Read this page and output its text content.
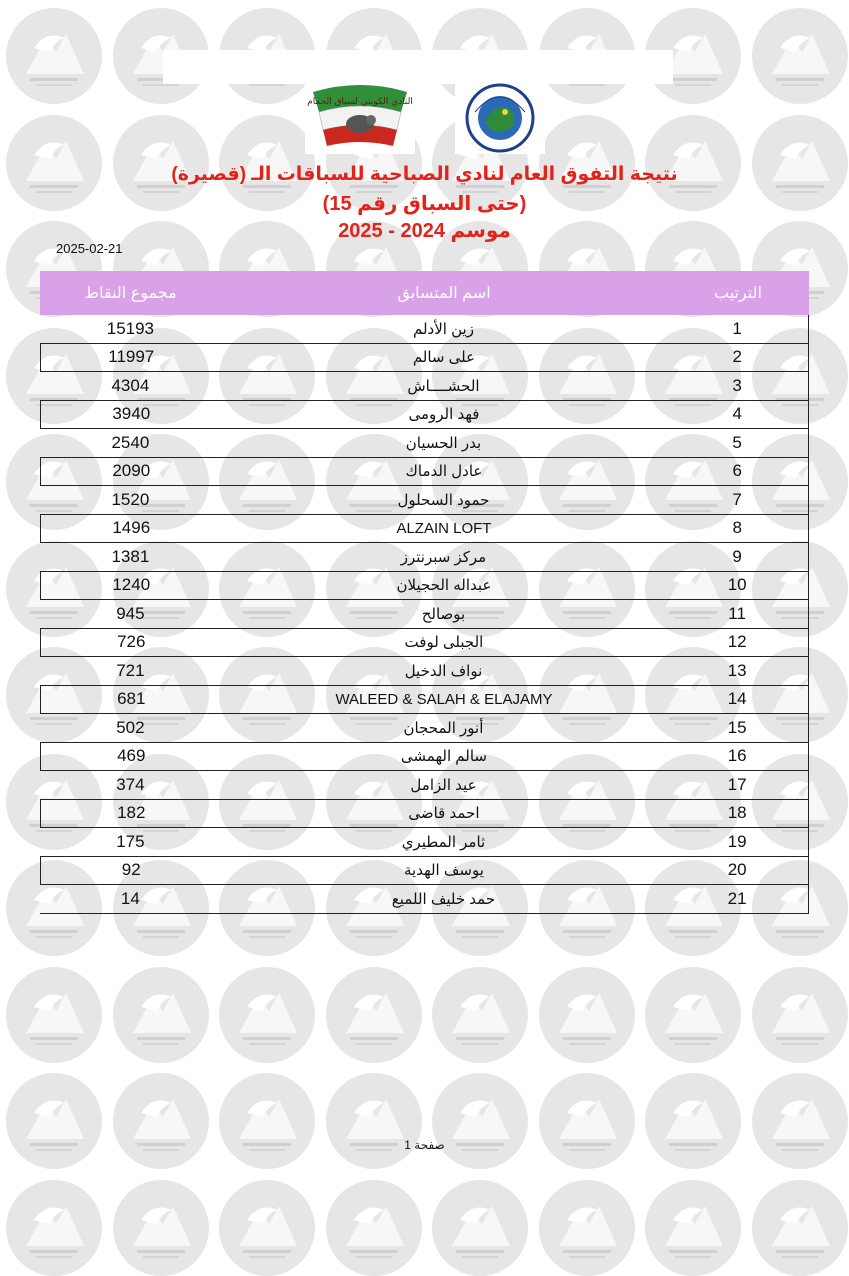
النادي الكويتي لسباق الحمام
نتيجة التفوق العام لنادي الصباحية للسباقات الـ (قصيرة)
(حتى السباق رقم 15)
موسم 2024 - 2025
2025-02-21
الترتيب
اسم المتسابق
مجموع النقاط
1
زين الأدلم
15193
2
على سالم
11997
3
الحشــــاش
4304
4
فهد الرومى
3940
5
بدر الحسيان
2540
6
عادل الدماك
2090
7
حمود السحلول
1520
8
ALZAIN LOFT
1496
9
مركز سبرنترز
1381
10
عبداله الحجيلان
1240
11
بوصالح
945
12
الجبلى لوفت
726
13
نواف الدخيل
721
14
WALEED & SALAH & ELAJAMY
681
15
أنور المحجان
502
16
سالم الهمشى
469
17
عيد الزامل
374
18
احمد قاضى
182
19
ثامر المطيري
175
20
يوسف الهدية
92
21
حمد خليف اللميع
14
صفحة 1
